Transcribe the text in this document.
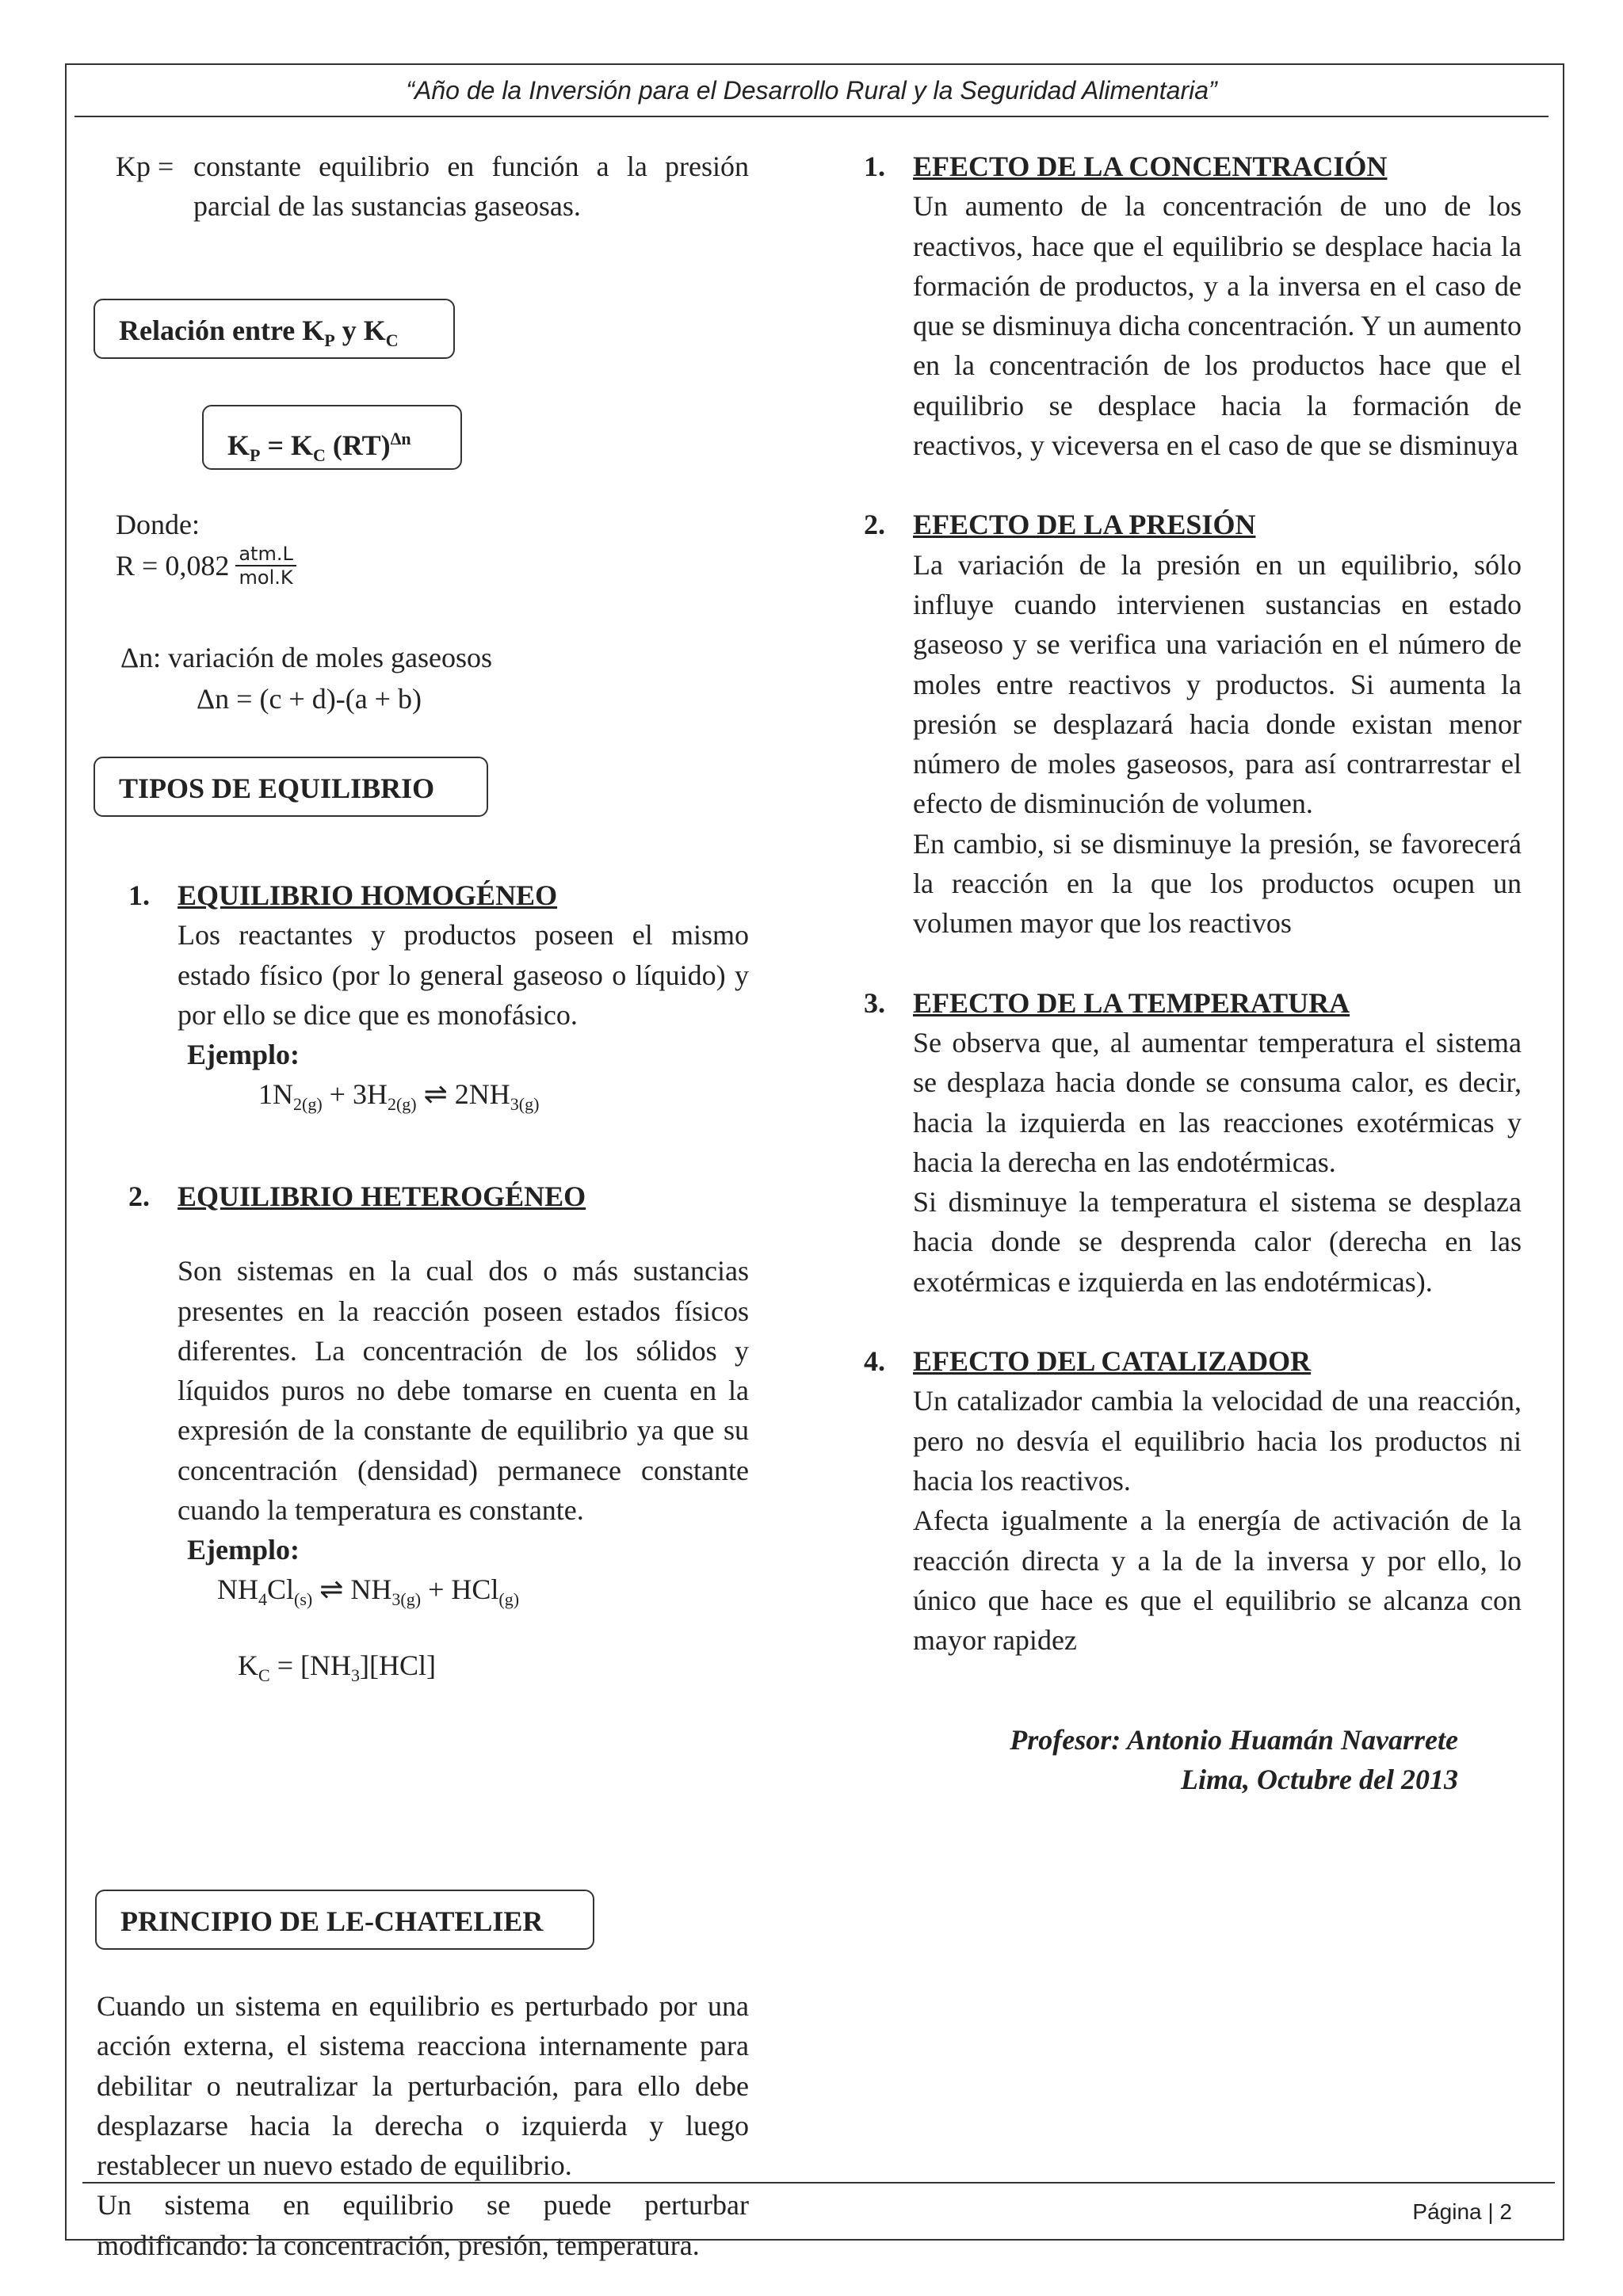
“Año de la Inversión para el Desarrollo Rural y la Seguridad Alimentaria”
Página | 2
Kp = constante equilibrio en función a la presión
parcial de las sustancias gaseosas.
Relación entre $K_P$ y $K_C$
$K_P = K_C$ (RT)$^{\Delta n}$
Donde:
$R = 0,082 \frac{\text{atm.L}}{\text{mol.K}}$
Δn: variación de moles gaseosos
Δn = (c + d)-(a + b)
TIPOS DE EQUILIBRIO
1. EQUILIBRIO HOMOGÉNEO

Los reactantes y productos poseen el mismo estado físico (por lo general gaseoso o líquido) y por ello se dice que es monofásico.

Ejemplo:
$1N_{2(g)} + 3H_{2(g)}$ ⇌ $2NH_{3(g)}$
2. EQUILIBRIO HETEROGÉNEO

Son sistemas en la cual dos o más sustancias presentes en la reacción poseen estados físicos diferentes. La concentración de los sólidos y líquidos puros no debe tomarse en cuenta en la expresión de la constante de equilibrio ya que su concentración (densidad) permanece constante cuando la temperatura es constante.

Ejemplo:
$NH_4Cl_{(s)}$ ⇌ $NH_{3(g)} + HCl_{(g)}$
$K_C = [NH_3][HCl]$
PRINCIPIO DE LE-CHATELIER

Cuando un sistema en equilibrio es perturbado por una acción externa, el sistema reacciona internamente para debilitar o neutralizar la perturbación, para ello debe desplazarse hacia la derecha o izquierda y luego restablecer un nuevo estado de equilibrio.

Un sistema en equilibrio se puede perturbar modificando: la concentración, presión, temperatura.

1. EFECTO DE LA CONCENTRACIÓN

Un aumento de la concentración de uno de los reactivos, hace que el equilibrio se desplace hacia la formación de productos, y a la inversa en el caso de que se disminuya dicha concentración. Y un aumento en la concentración de los productos hace que el equilibrio se desplace hacia la formación de reactivos, y viceversa en el caso de que se disminuya

2. EFECTO DE LA PRESIÓN

La variación de la presión en un equilibrio, sólo influye cuando intervienen sustancias en estado gaseoso y se verifica una variación en el número de moles entre reactivos y productos. Si aumenta la presión se desplazará hacia donde existan menor número de moles gaseosos, para así contrarrestar el efecto de disminución de volumen.

En cambio, si se disminuye la presión, se favorecerá la reacción en la que los productos ocupen un volumen mayor que los reactivos

3. EFECTO DE LA TEMPERATURA

Se observa que, al aumentar temperatura el sistema se desplaza hacia donde se consuma calor, es decir, hacia la izquierda en las reacciones exotérmicas y hacia la derecha en las endotérmicas.

Si disminuye la temperatura el sistema se desplaza hacia donde se desprenda calor (derecha en las exotérmicas e izquierda en las endotérmicas).

4. EFECTO DEL CATALIZADOR

Un catalizador cambia la velocidad de una reacción, pero no desvía el equilibrio hacia los productos ni hacia los reactivos.

Afecta igualmente a la energía de activación de la reacción directa y a la de la inversa y por ello, lo único que hace es que el equilibrio se alcanza con mayor rapidez

Profesor: Antonio Huamán Navarrete
Lima, Octubre del 2013
